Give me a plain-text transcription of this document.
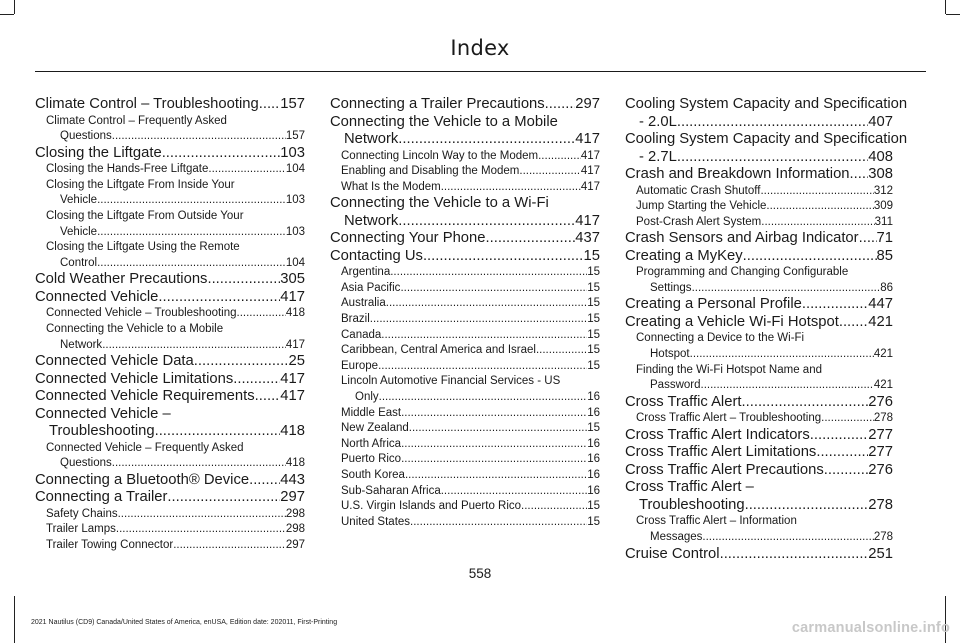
Index
Climate Control – Troubleshooting ..... 157
Climate Control – Frequently Asked
Questions .....	157
Closing the Liftgate .....	103
Closing the Hands-Free Liftgate .....	104
Closing the Liftgate From Inside Your
Vehicle .....	103
Closing the Liftgate From Outside Your
Vehicle .....	103
Closing the Liftgate Using the Remote
Control .....	104
Cold Weather Precautions .....	305
Connected Vehicle .....	417
Connected Vehicle – Troubleshooting .....	418
Connecting the Vehicle to a Mobile
Network .....	417
Connected Vehicle Data .....	25
Connected Vehicle Limitations .....	417
Connected Vehicle Requirements ..... 417
Connected Vehicle –
Troubleshooting .....	418
Connected Vehicle – Frequently Asked
Questions .....	418
Connecting a Bluetooth® Device ..... 443
Connecting a Trailer .....	297
Safety Chains .....	298
Trailer Lamps .....	298
Trailer Towing Connector .....	297
Connecting a Trailer Precautions ..... 297
Connecting the Vehicle to a Mobile
Network .....	417
Connecting Lincoln Way to the Modem .....	417
Enabling and Disabling the Modem .....	417
What Is the Modem .....	417
Connecting the Vehicle to a Wi-Fi
Network .....	417
Connecting Your Phone .....	437
Contacting Us .....	15
Argentina .....	15
Asia Pacific .....	15
Australia .....	15
Brazil .....	15
Canada .....	15
Caribbean, Central America and Israel .....	15
Europe .....	15
Lincoln Automotive Financial Services - US
Only .....	16
Middle East .....	16
New Zealand .....	15
North Africa .....	16
Puerto Rico .....	16
South Korea .....	16
Sub-Saharan Africa .....	16
U.S. Virgin Islands and Puerto Rico .....	15
United States .....	15
Cooling System Capacity and Specification
- 2.0L .....	407
Cooling System Capacity and Specification
- 2.7L .....	408
Crash and Breakdown Information ..... 308
Automatic Crash Shutoff .....	312
Jump Starting the Vehicle .....	309
Post-Crash Alert System .....	311
Crash Sensors and Airbag Indicator ..... 71
Creating a MyKey .....	85
Programming and Changing Configurable
Settings .....	86
Creating a Personal Profile .....	447
Creating a Vehicle Wi-Fi Hotspot ..... 421
Connecting a Device to the Wi-Fi
Hotspot .....	421
Finding the Wi-Fi Hotspot Name and
Password .....	421
Cross Traffic Alert .....	276
Cross Traffic Alert – Troubleshooting .....	278
Cross Traffic Alert Indicators .....	277
Cross Traffic Alert Limitations .....	277
Cross Traffic Alert Precautions .....	276
Cross Traffic Alert –
Troubleshooting .....	278
Cross Traffic Alert – Information
Messages .....	278
Cruise Control .....	251
558
2021 Nautilus (CD9) Canada/United States of America, enUSA, Edition date: 202011, First-Printing	carmanualsonline.info
